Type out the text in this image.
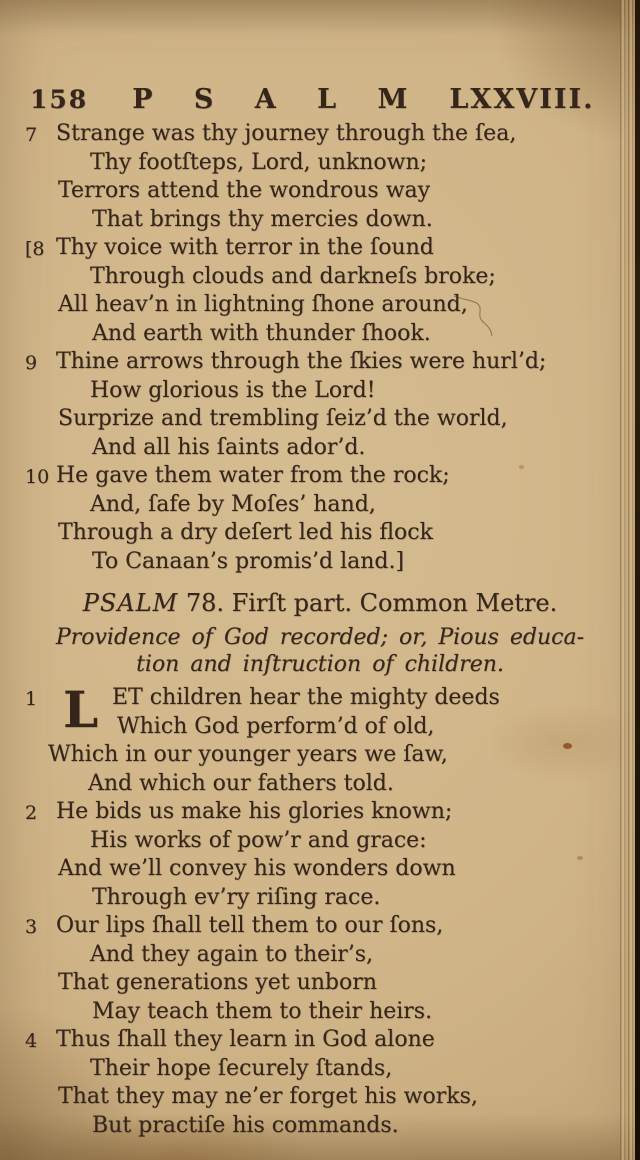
158 P S A L M LXXVIII.
7 Strange was thy journey through the ſea,
Thy footſteps, Lord, unknown;
Terrors attend the wondrous way
That brings thy mercies down.
[8 Thy voice with terror in the ſound
Through clouds and darkneſs broke;
All heav’n in lightning ſhone around,
And earth with thunder ſhook.
9 Thine arrows through the ſkies were hurl’d;
How glorious is the Lord!
Surprize and trembling ſeiz’d the world,
And all his ſaints ador’d.
10 He gave them water from the rock;
And, ſafe by Moſes’ hand,
Through a dry deſert led his flock
To Canaan’s promis’d land.]
PSALM 78. Firſt part. Common Metre.
Providence of God recorded; or, Pious educa-
tion and inſtruction of children.
1 L ET children hear the mighty deeds
Which God perform’d of old,
Which in our younger years we ſaw,
And which our fathers told.
2 He bids us make his glories known;
His works of pow’r and grace:
And we’ll convey his wonders down
Through ev’ry riſing race.
3 Our lips ſhall tell them to our ſons,
And they again to their’s,
That generations yet unborn
May teach them to their heirs.
4 Thus ſhall they learn in God alone
Their hope ſecurely ſtands,
That they may ne’er forget his works,
But practiſe his commands.
